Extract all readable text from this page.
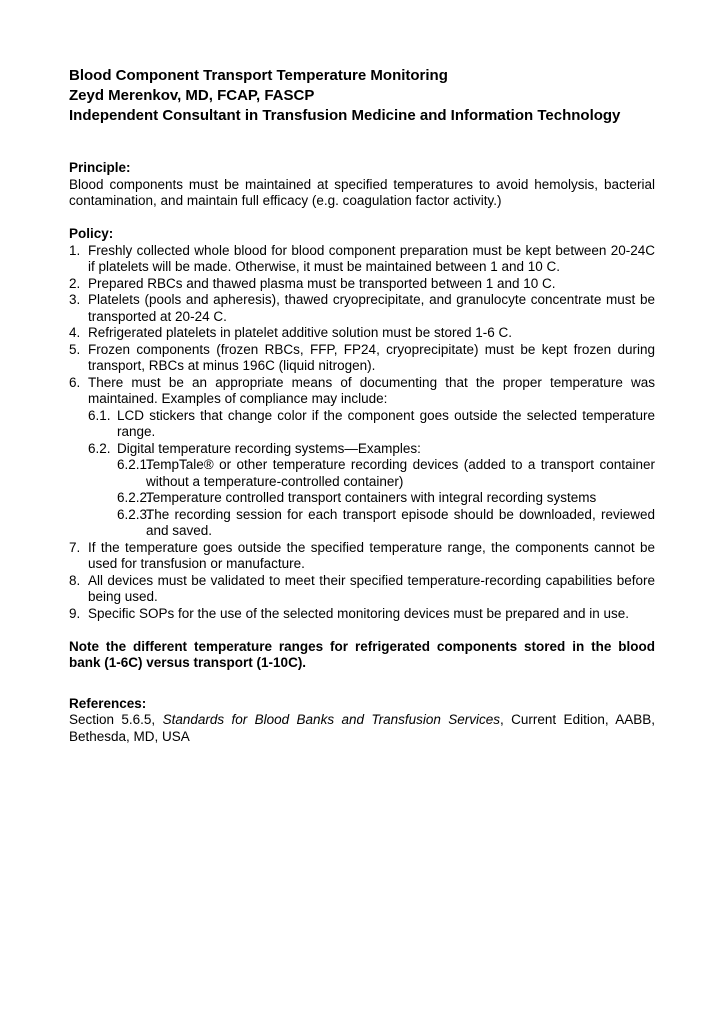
Blood Component Transport Temperature Monitoring
Zeyd Merenkov, MD, FCAP, FASCP
Independent Consultant in Transfusion Medicine and Information Technology
Principle:

Blood components must be maintained at specified temperatures to avoid hemolysis, bacterial contamination, and maintain full efficacy (e.g. coagulation factor activity.)

Policy:
1. Freshly collected whole blood for blood component preparation must be kept between 20-24C if platelets will be made. Otherwise, it must be maintained between 1 and 10 C.
2. Prepared RBCs and thawed plasma must be transported between 1 and 10 C.
3. Platelets (pools and apheresis), thawed cryoprecipitate, and granulocyte concentrate must be transported at 20-24 C.
4. Refrigerated platelets in platelet additive solution must be stored 1-6 C.
5. Frozen components (frozen RBCs, FFP, FP24, cryoprecipitate) must be kept frozen during transport, RBCs at minus 196C (liquid nitrogen).
6. There must be an appropriate means of documenting that the proper temperature was maintained. Examples of compliance may include:
6.1. LCD stickers that change color if the component goes outside the selected temperature range.
6.2. Digital temperature recording systems—Examples:
6.2.1.
TempTale® or other temperature recording devices (added to a transport container without a temperature-controlled container)
6.2.2.
Temperature controlled transport containers with integral recording systems
6.2.3.
The recording session for each transport episode should be downloaded, reviewed and saved.
7. If the temperature goes outside the specified temperature range, the components cannot be used for transfusion or manufacture.
8. All devices must be validated to meet their specified temperature-recording capabilities before being used.
9. Specific SOPs for the use of the selected monitoring devices must be prepared and in use.

Note the different temperature ranges for refrigerated components stored in the blood bank (1-6C) versus transport (1-10C).

References:

Section 5.6.5, Standards for Blood Banks and Transfusion Services, Current Edition, AABB, Bethesda, MD, USA
